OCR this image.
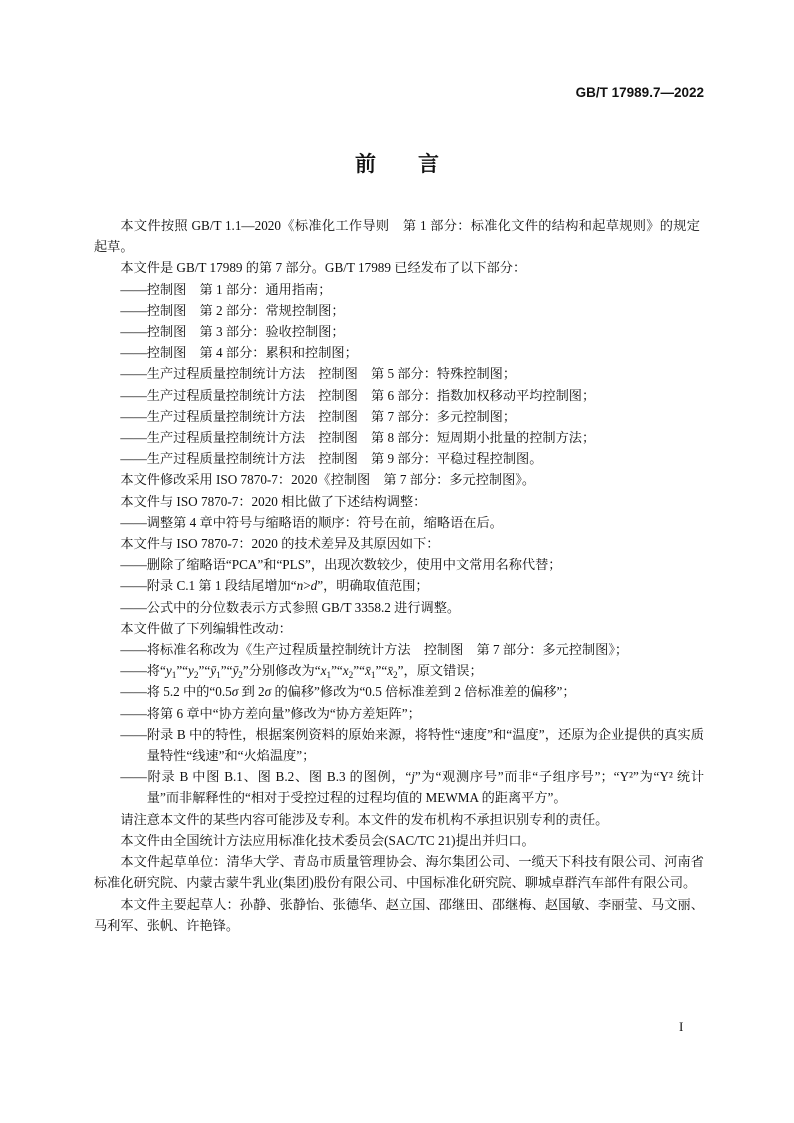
GB/T 17989.7—2022
前言

本文件按照 GB/T 1.1—2020《标准化工作导则　第 1 部分：标准化文件的结构和起草规则》的规定起草。

本文件是 GB/T 17989 的第 7 部分。GB/T 17989 已经发布了以下部分：

——控制图　第 1 部分：通用指南；

——控制图　第 2 部分：常规控制图；

——控制图　第 3 部分：验收控制图；

——控制图　第 4 部分：累积和控制图；

——生产过程质量控制统计方法　控制图　第 5 部分：特殊控制图；

——生产过程质量控制统计方法　控制图　第 6 部分：指数加权移动平均控制图；

——生产过程质量控制统计方法　控制图　第 7 部分：多元控制图；

——生产过程质量控制统计方法　控制图　第 8 部分：短周期小批量的控制方法；

——生产过程质量控制统计方法　控制图　第 9 部分：平稳过程控制图。

本文件修改采用 ISO 7870-7：2020《控制图　第 7 部分：多元控制图》。

本文件与 ISO 7870-7：2020 相比做了下述结构调整：

——调整第 4 章中符号与缩略语的顺序：符号在前，缩略语在后。

本文件与 ISO 7870-7：2020 的技术差异及其原因如下：

——删除了缩略语“PCA”和“PLS”，出现次数较少，使用中文常用名称代替；

——附录 C.1 第 1 段结尾增加“n>d”，明确取值范围；

——公式中的分位数表示方式参照 GB/T 3358.2 进行调整。

本文件做了下列编辑性改动：

——将标准名称改为《生产过程质量控制统计方法　控制图　第 7 部分：多元控制图》；

——将“$y_1”“y_2”“ȳ_1”“ȳ_2$”分别修改为“$x_1”“x_2”“x̄_1”“x̄_2$”，原文错误；

——将 5.2 中的“0.5σ 到 2σ 的偏移”修改为“0.5 倍标准差到 2 倍标准差的偏移”；

——将第 6 章中“协方差向量”修改为“协方差矩阵”；

——附录 B 中的特性，根据案例资料的原始来源，将特性“速度”和“温度”，还原为企业提供的真实质量特性“线速”和“火焰温度”；

——附录 B 中图 B.1、图 B.2、图 B.3 的图例，“j”为“观测序号”而非“子组序号”；“Y²”为“Y² 统计量”而非解释性的“相对于受控过程的过程均值的 MEWMA 的距离平方”。

请注意本文件的某些内容可能涉及专利。本文件的发布机构不承担识别专利的责任。

本文件由全国统计方法应用标准化技术委员会(SAC/TC 21)提出并归口。

本文件起草单位：清华大学、青岛市质量管理协会、海尔集团公司、一缆天下科技有限公司、河南省标准化研究院、内蒙古蒙牛乳业(集团)股份有限公司、中国标准化研究院、聊城卓群汽车部件有限公司。

本文件主要起草人：孙静、张静怡、张德华、赵立国、邵继田、邵继梅、赵国敏、李丽莹、马文丽、马利军、张帆、许艳锋。

I
